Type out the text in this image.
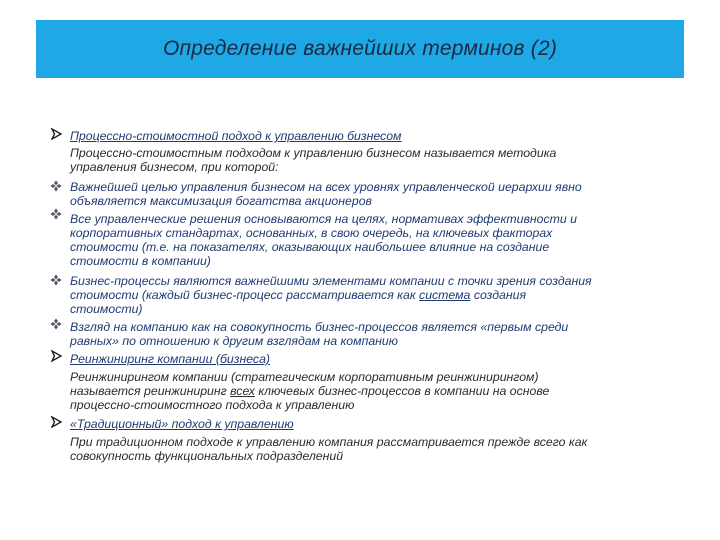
Определение важнейших терминов (2)
Процессно-стоимостной подход к управлению бизнесом
Процессно-стоимостным подходом к управлению бизнесом называется методика
управления бизнесом, при которой:
Важнейшей целью управления бизнесом на всех уровнях управленческой иерархии явно
объявляется максимизация богатства акционеров
Все управленческие решения основываются на целях, нормативах эффективности и
корпоративных стандартах, основанных, в свою очередь, на ключевых факторах
стоимости (т.е. на показателях, оказывающих наибольшее влияние на создание
стоимости в компании)
Бизнес-процессы являются важнейшими элементами компании с точки зрения создания
стоимости (каждый бизнес-процесс рассматривается как система создания
стоимости)
Взгляд на компанию как на совокупность бизнес-процессов является «первым среди
равных» по отношению к другим взглядам на компанию
Реинжиниринг компании (бизнеса)
Реинжинирингом компании (стратегическим корпоративным реинжинирингом)
называется реинжиниринг всех ключевых бизнес-процессов в компании на основе
процессно-стоимостного подхода к управлению
«Традиционный» подход к управлению
При традиционном подходе к управлению компания рассматривается прежде всего как
совокупность функциональных подразделений
